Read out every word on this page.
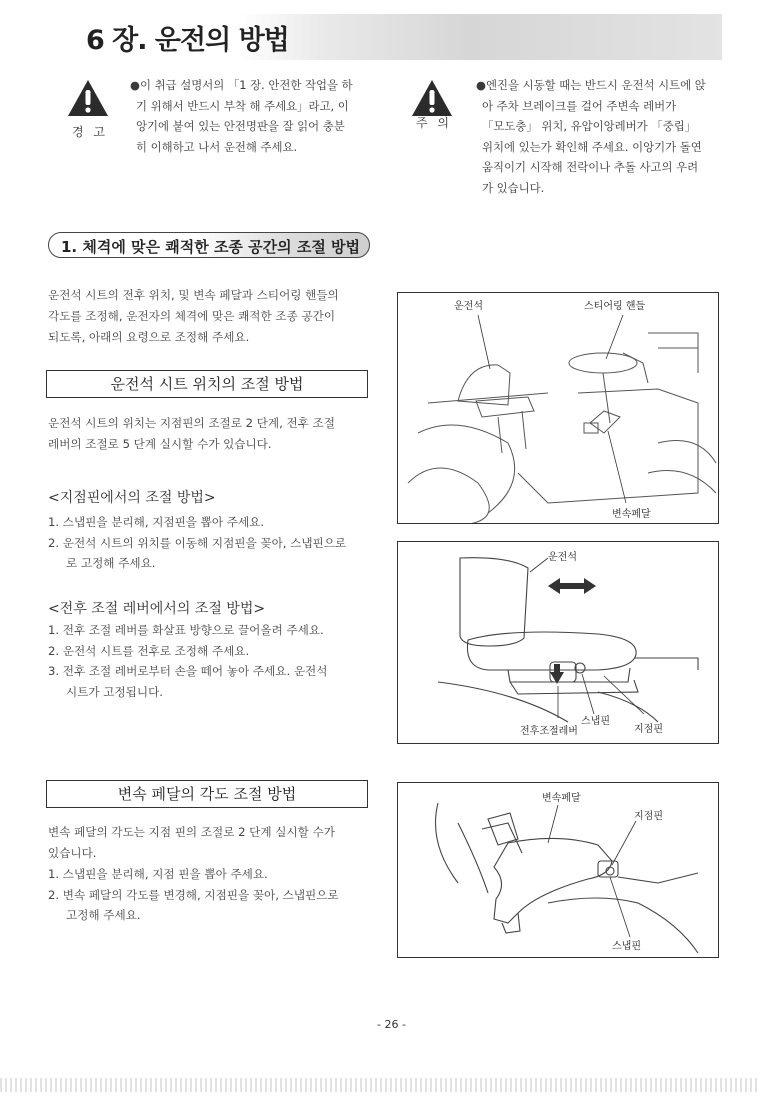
6 장. 운전의 방법
경 고
●이 취급 설명서의 「1 장. 안전한 작업을 하
기 위해서 반드시 부착 해 주세요」라고, 이
앙기에 붙여 있는 안전명판을 잘 읽어 충분
히 이해하고 나서 운전해 주세요.
주 의
●엔진을 시동할 때는 반드시 운전석 시트에 앉
아 주차 브레이크를 걸어 주변속 레버가
「모도충」 위치, 유압이앙레버가 「중립」
위치에 있는가 확인해 주세요. 이앙기가 돌연
움직이기 시작해 전락이나 추돌 사고의 우려
가 있습니다.
1. 체격에 맞은 쾌적한 조종 공간의 조절 방법
운전석 시트의 전후 위치, 및 변속 페달과 스티어링 핸들의
각도를 조정해, 운전자의 체격에 맞은 쾌적한 조종 공간이
되도록, 아래의 요령으로 조정해 주세요.
운전석 시트 위치의 조절 방법
운전석 시트의 위치는 지점핀의 조절로 2 단계, 전후 조절
레버의 조절로 5 단계 실시할 수가 있습니다.
<지점핀에서의 조절 방법>
1. 스냅핀을 분리해, 지점핀을 뽑아 주세요.
2. 운전석 시트의 위치를 이동해 지점핀을 꽂아, 스냅핀으로
로 고정해 주세요.
<전후 조절 레버에서의 조절 방법>
1. 전후 조절 레버를 화살표 방향으로 끌어올려 주세요.
2. 운전석 시트를 전후로 조정해 주세요.
3. 전후 조절 레버로부터 손을 떼어 놓아 주세요. 운전석
시트가 고정됩니다.
변속 페달의 각도 조절 방법
변속 페달의 각도는 지점 핀의 조절로 2 단계 실시할 수가
있습니다.
1. 스냅핀을 분리해, 지점 핀을 뽑아 주세요.
2. 변속 페달의 각도를 변경해, 지점핀을 꽂아, 스냅핀으로
고정해 주세요.
운전석	스티어링 핸들
변속페달
운전석
스냅핀
전후조절레버	지점핀
변속페달
지점핀
스냅핀
- 26 -
